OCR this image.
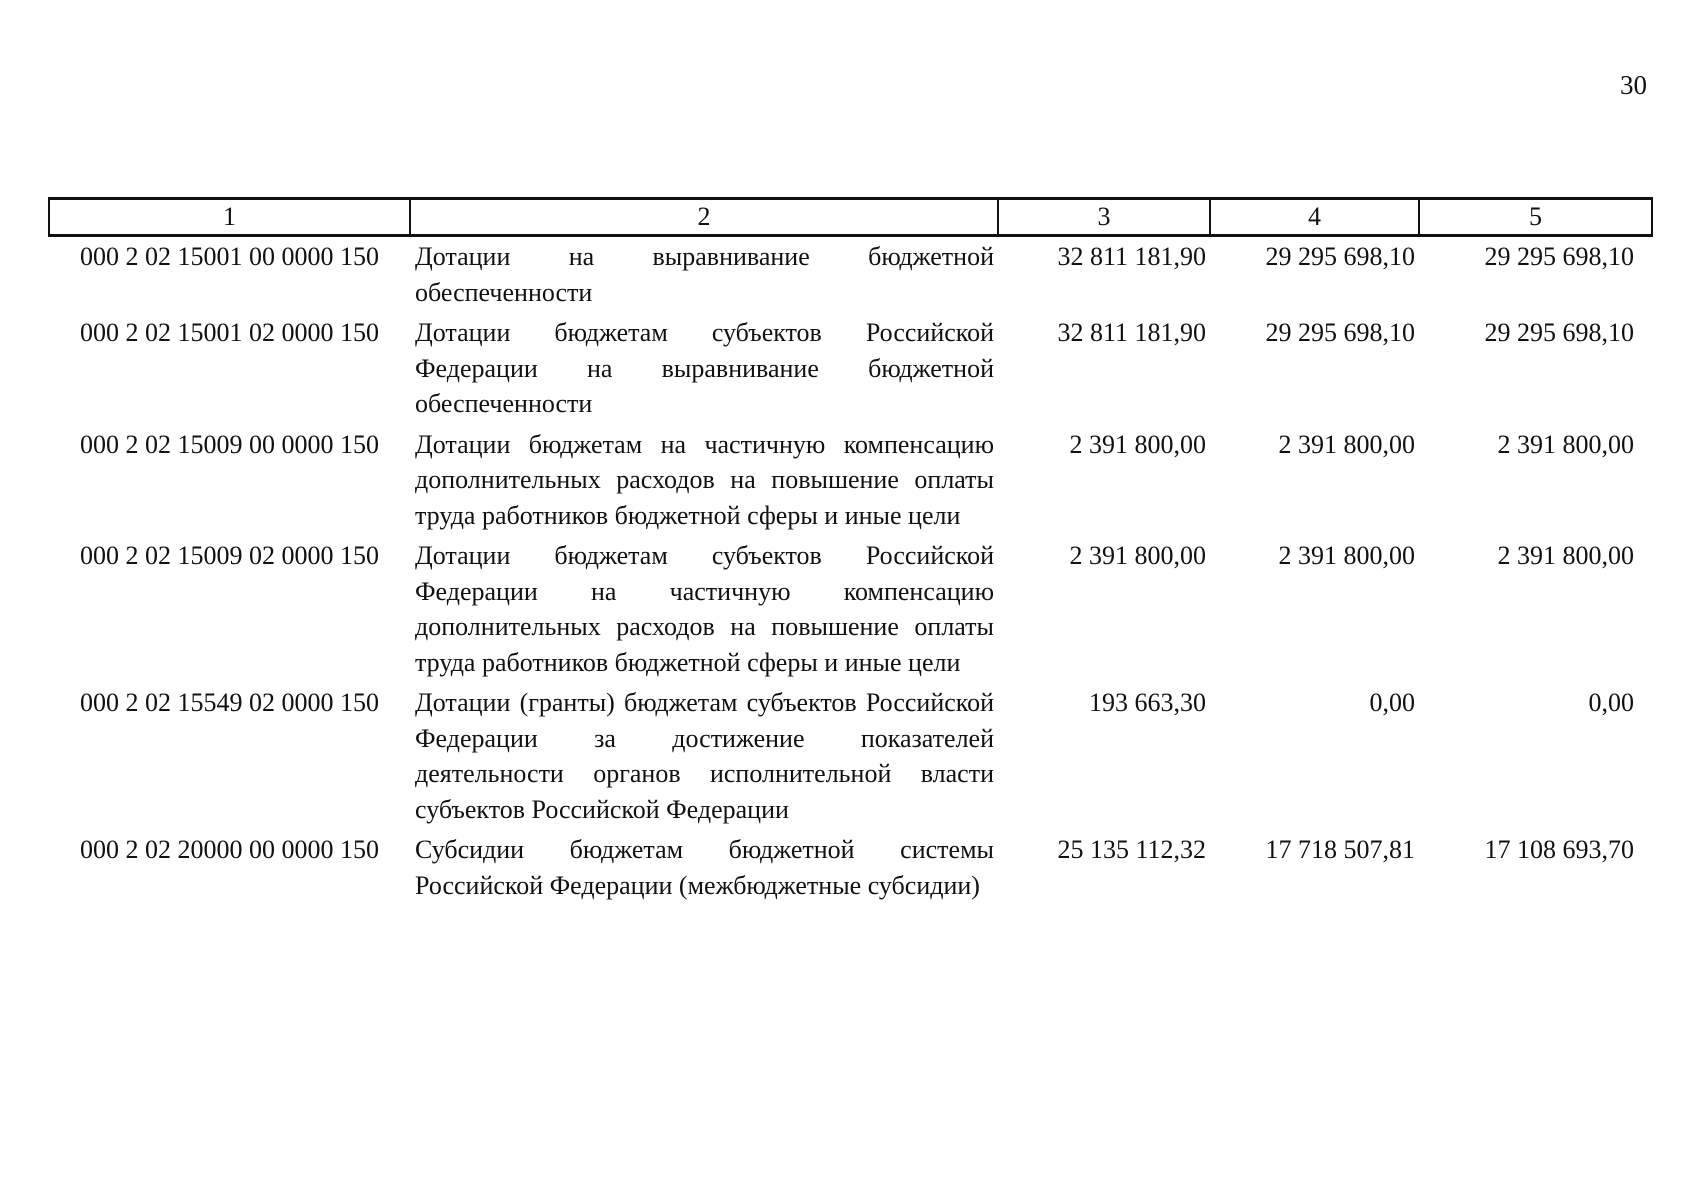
30
1	2	3	4	5
000 2 02 15001 00 0000 150	Дотации на выравнивание бюджетной обеспеченности	32 811 181,90	29 295 698,10	29 295 698,10
000 2 02 15001 02 0000 150	Дотации бюджетам субъектов Российской Федерации на выравнивание бюджетной обеспеченности	32 811 181,90	29 295 698,10	29 295 698,10
000 2 02 15009 00 0000 150	Дотации бюджетам на частичную компенсацию дополнительных расходов на повышение оплаты труда работников бюджетной сферы и иные цели	2 391 800,00	2 391 800,00	2 391 800,00
000 2 02 15009 02 0000 150	Дотации бюджетам субъектов Российской Федерации на частичную компенсацию дополнительных расходов на повышение оплаты труда работников бюджетной сферы и иные цели	2 391 800,00	2 391 800,00	2 391 800,00
000 2 02 15549 02 0000 150	Дотации (гранты) бюджетам субъектов Российской Федерации за достижение показателей деятельности органов исполнительной власти субъектов Российской Федерации	193 663,30	0,00	0,00
000 2 02 20000 00 0000 150	Субсидии бюджетам бюджетной системы Российской Федерации (межбюджетные субсидии)	25 135 112,32	17 718 507,81	17 108 693,70
